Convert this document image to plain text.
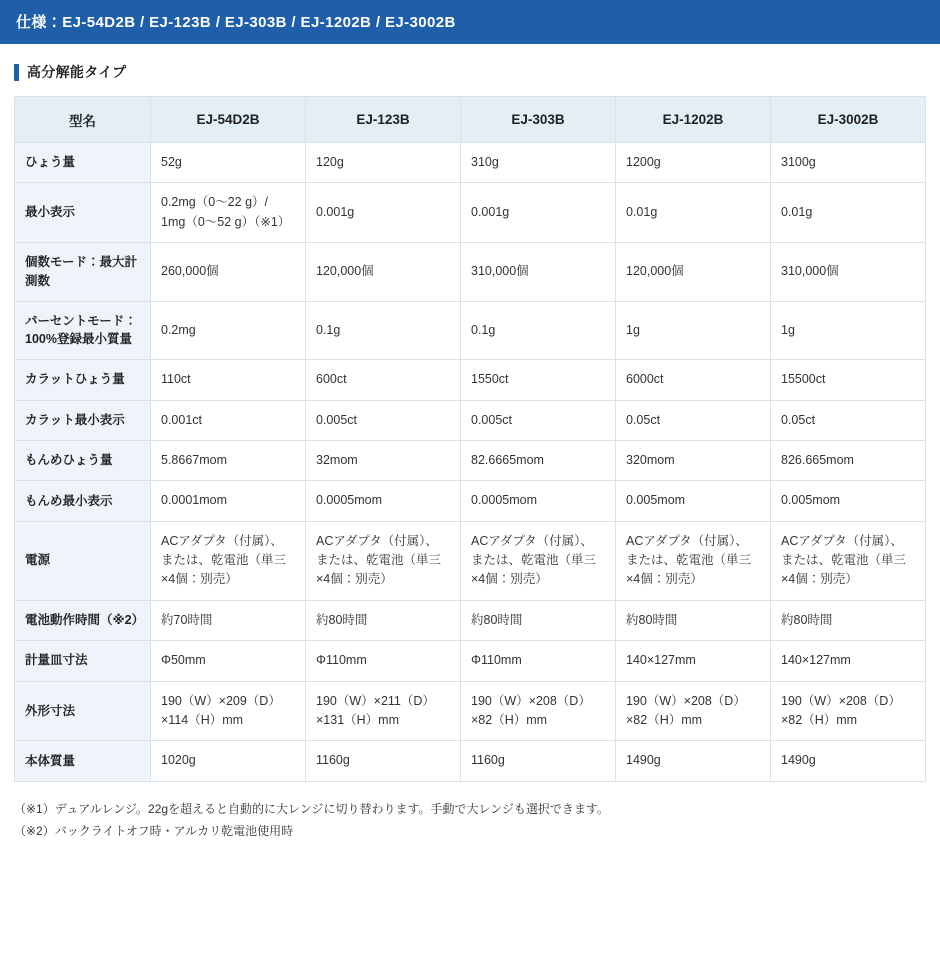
仕様：EJ-54D2B / EJ-123B / EJ-303B / EJ-1202B / EJ-3002B
高分解能タイプ
型名	EJ-54D2B	EJ-123B	EJ-303B	EJ-1202B	EJ-3002B
ひょう量	52g	120g	310g	1200g	3100g
最小表示	0.2mg（0〜22 g）/ 1mg（0〜52 g）（※1）	0.001g	0.001g	0.01g	0.01g
個数モード：最大計測数	260,000個	120,000個	310,000個	120,000個	310,000個
パーセントモード：100%登録最小質量	0.2mg	0.1g	0.1g	1g	1g
カラットひょう量	110ct	600ct	1550ct	6000ct	15500ct
カラット最小表示	0.001ct	0.005ct	0.005ct	0.05ct	0.05ct
もんめひょう量	5.8667mom	32mom	82.6665mom	320mom	826.665mom
もんめ最小表示	0.0001mom	0.0005mom	0.0005mom	0.005mom	0.005mom
電源	ACアダプタ（付属）、または、乾電池（単三×4個：別売）	ACアダプタ（付属）、または、乾電池（単三×4個：別売）	ACアダプタ（付属）、または、乾電池（単三×4個：別売）	ACアダプタ（付属）、または、乾電池（単三×4個：別売）	ACアダプタ（付属）、または、乾電池（単三×4個：別売）
電池動作時間（※2）	約70時間	約80時間	約80時間	約80時間	約80時間
計量皿寸法	Φ50mm	Φ110mm	Φ110mm	140×127mm	140×127mm
外形寸法	190（W）×209（D）×114（H）mm	190（W）×211（D）×131（H）mm	190（W）×208（D）×82（H）mm	190（W）×208（D）×82（H）mm	190（W）×208（D）×82（H）mm
本体質量	1020g	1160g	1160g	1490g	1490g
（※1）デュアルレンジ。22gを超えると自動的に大レンジに切り替わります。手動で大レンジも選択できます。
（※2）バックライトオフ時・アルカリ乾電池使用時
